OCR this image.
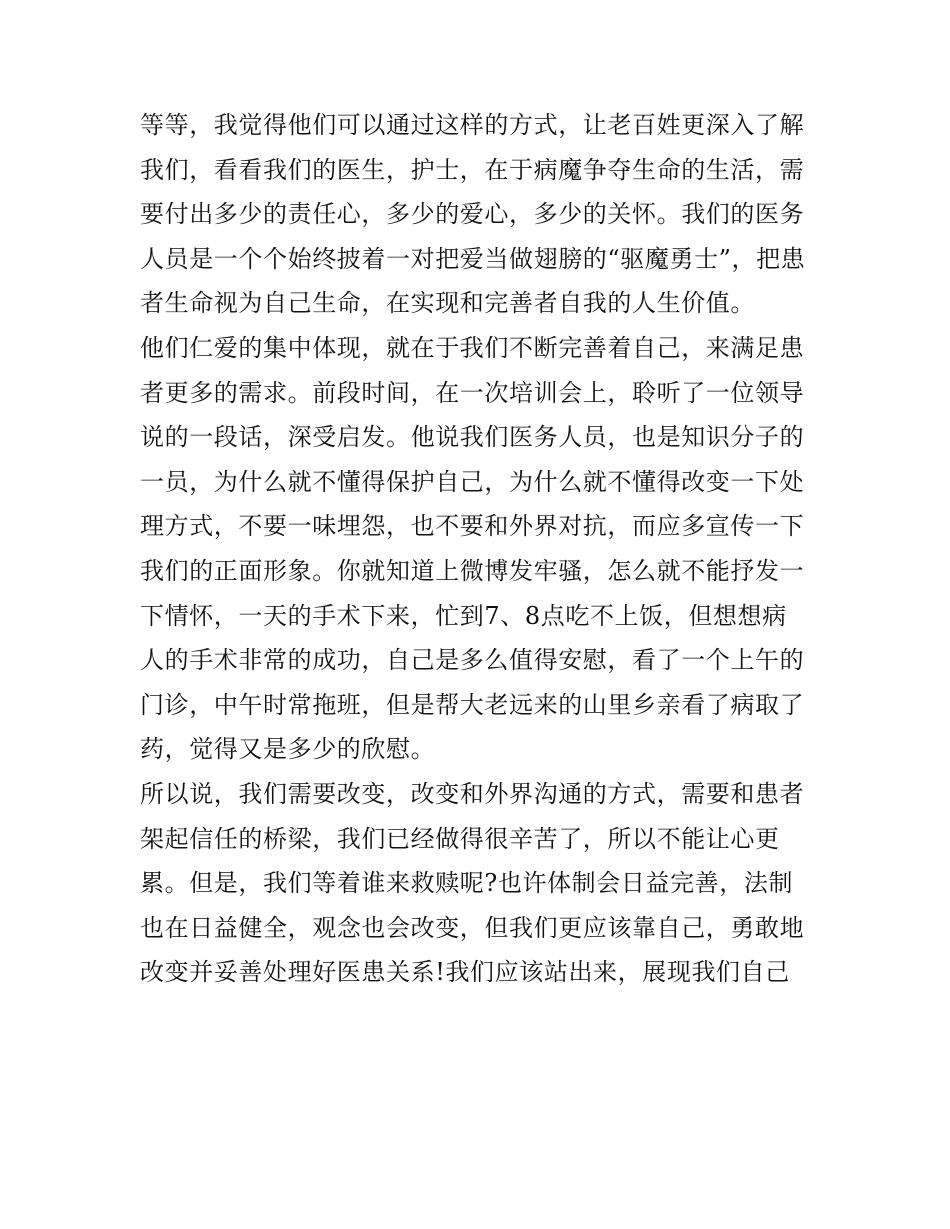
等等，我觉得他们可以通过这样的方式，让老百姓更深入了解
我们，看看我们的医生，护士，在于病魔争夺生命的生活，需
要付出多少的责任心，多少的爱心，多少的关怀。我们的医务
人员是一个个始终披着一对把爱当做翅膀的“驱魔勇士”，把患
者生命视为自己生命，在实现和完善者自我的人生价值。
他们仁爱的集中体现，就在于我们不断完善着自己，来满足患
者更多的需求。前段时间，在一次培训会上，聆听了一位领导
说的一段话，深受启发。他说我们医务人员，也是知识分子的
一员，为什么就不懂得保护自己，为什么就不懂得改变一下处
理方式，不要一味埋怨，也不要和外界对抗，而应多宣传一下
我们的正面形象。你就知道上微博发牢骚，怎么就不能抒发一
下情怀，一天的手术下来，忙到7、8点吃不上饭，但想想病
人的手术非常的成功，自己是多么值得安慰，看了一个上午的
门诊，中午时常拖班，但是帮大老远来的山里乡亲看了病取了
药，觉得又是多少的欣慰。
所以说，我们需要改变，改变和外界沟通的方式，需要和患者
架起信任的桥梁，我们已经做得很辛苦了，所以不能让心更
累。但是，我们等着谁来救赎呢?也许体制会日益完善，法制
也在日益健全，观念也会改变，但我们更应该靠自己，勇敢地
改变并妥善处理好医患关系!我们应该站出来，展现我们自己
